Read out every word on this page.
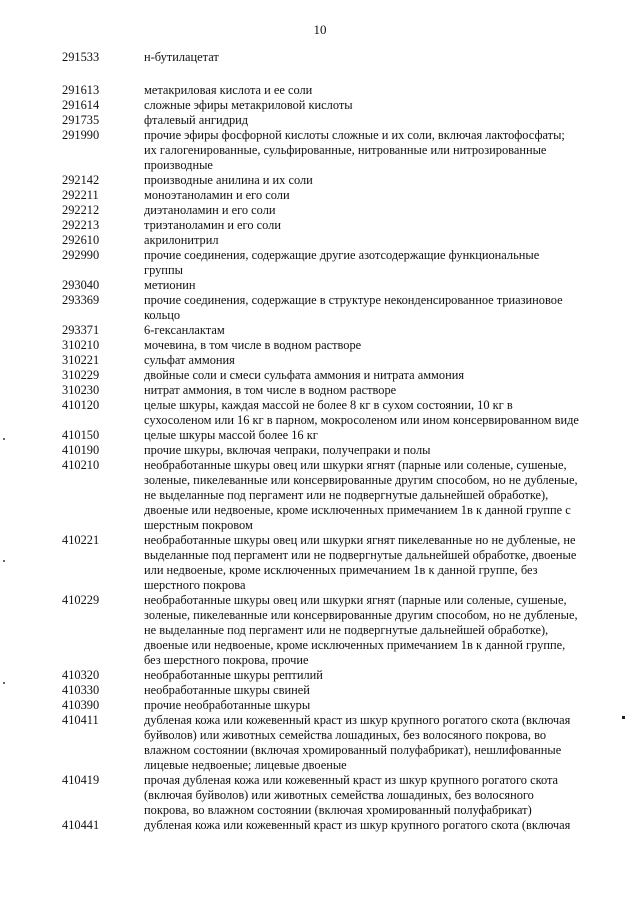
10
291533	н-бутилацетат
291613	метакриловая кислота и ее соли
291614	сложные эфиры метакриловой кислоты
291735	фталевый ангидрид
291990	прочие эфиры фосфорной кислоты сложные и их соли, включая лактофосфаты;
их галогенированные, сульфированные, нитрованные или нитрозированные
производные
292142	производные анилина и их соли
292211	моноэтаноламин и его соли
292212	диэтаноламин и его соли
292213	триэтаноламин и его соли
292610	акрилонитрил
292990	прочие соединения, содержащие другие азотсодержащие функциональные
группы
293040	метионин
293369	прочие соединения, содержащие в структуре неконденсированное триазиновое
кольцо
293371	6-гексанлактам
310210	мочевина, в том числе в водном растворе
310221	сульфат аммония
310229	двойные соли и смеси сульфата аммония и нитрата аммония
310230	нитрат аммония, в том числе в водном растворе
410120	целые шкуры, каждая массой не более 8 кг в сухом состоянии, 10 кг в
сухосоленом или 16 кг в парном, мокросоленом или ином консервированном виде
410150	целые шкуры массой более 16 кг
410190	прочие шкуры, включая чепраки, получепраки и полы
410210	необработанные шкуры овец или шкурки ягнят (парные или соленые, сушеные,
золеные, пикелеванные или консервированные другим способом, но не дубленые,
не выделанные под пергамент или не подвергнутые дальнейшей обработке),
двоеные или недвоеные, кроме исключенных примечанием 1в к данной группе с
шерстным покровом
410221	необработанные шкуры овец или шкурки ягнят пикелеванные но не дубленые, не
выделанные под пергамент или не подвергнутые дальнейшей обработке, двоеные
или недвоеные, кроме исключенных примечанием 1в к данной группе, без
шерстного покрова
410229	необработанные шкуры овец или шкурки ягнят (парные или соленые, сушеные,
золеные, пикелеванные или консервированные другим способом, но не дубленые,
не выделанные под пергамент или не подвергнутые дальнейшей обработке),
двоеные или недвоеные, кроме исключенных примечанием 1в к данной группе,
без шерстного покрова, прочие
410320	необработанные шкуры рептилий
410330	необработанные шкуры свиней
410390	прочие необработанные шкуры
410411	дубленая кожа или кожевенный краст из шкур крупного рогатого скота (включая
буйволов) или животных семейства лошадиных, без волосяного покрова, во
влажном состоянии (включая хромированный полуфабрикат), нешлифованные
лицевые недвоеные; лицевые двоеные
410419	прочая дубленая кожа или кожевенный краст из шкур крупного рогатого скота
(включая буйволов) или животных семейства лошадиных, без волосяного
покрова, во влажном состоянии (включая хромированный полуфабрикат)
410441	дубленая кожа или кожевенный краст из шкур крупного рогатого скота (включая
